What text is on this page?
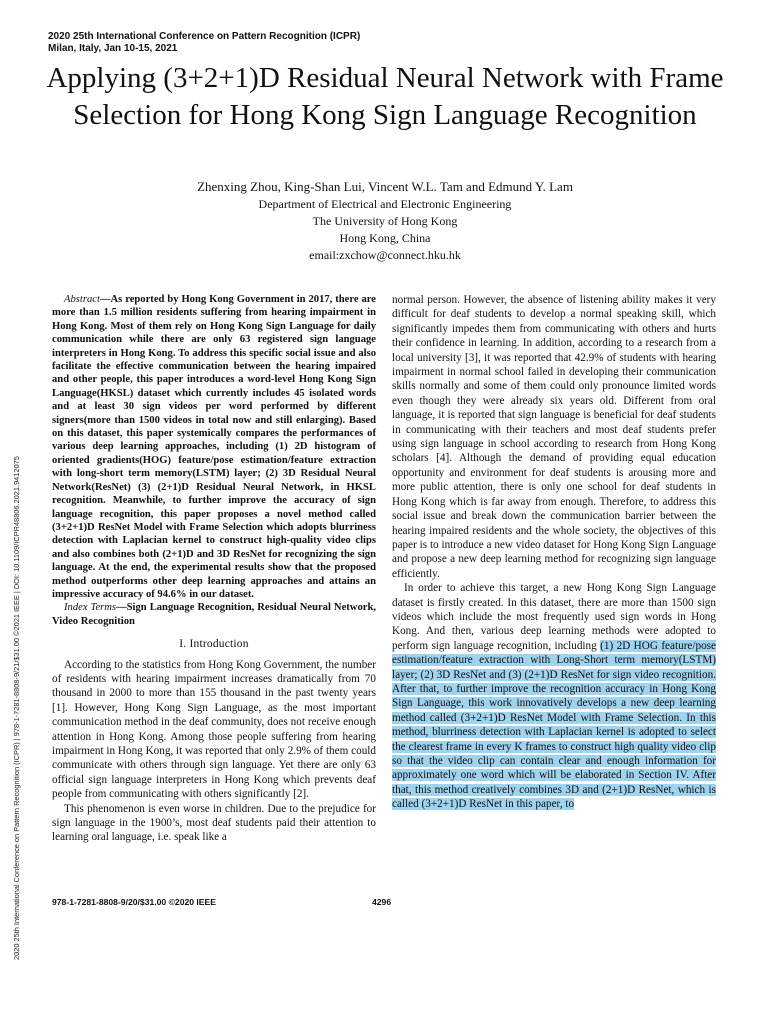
2020 25th International Conference on Pattern Recognition (ICPR)
Milan, Italy, Jan 10-15, 2021
2020 25th International Conference on Pattern Recognition (ICPR) | 978-1-7281-8808-9/21/$31.00 ©2021 IEEE | DOI: 10.1109/ICPR48806.2021.9412075
Applying (3+2+1)D Residual Neural Network with Frame Selection for Hong Kong Sign Language Recognition
Zhenxing Zhou, King-Shan Lui, Vincent W.L. Tam and Edmund Y. Lam
Department of Electrical and Electronic Engineering
The University of Hong Kong
Hong Kong, China
email:zxchow@connect.hku.hk

Abstract—As reported by Hong Kong Government in 2017, there are more than 1.5 million residents suffering from hearing impairment in Hong Kong. Most of them rely on Hong Kong Sign Language for daily communication while there are only 63 registered sign language interpreters in Hong Kong. To address this specific social issue and also facilitate the effective communication between the hearing impaired and other people, this paper introduces a word-level Hong Kong Sign Language(HKSL) dataset which currently includes 45 isolated words and at least 30 sign videos per word performed by different signers(more than 1500 videos in total now and still enlarging). Based on this dataset, this paper systemically compares the performances of various deep learning approaches, including (1) 2D histogram of oriented gradients(HOG) feature/pose estimation/feature extraction with long-short term memory(LSTM) layer; (2) 3D Residual Neural Network(ResNet) (3) (2+1)D Residual Neural Network, in HKSL recognition. Meanwhile, to further improve the accuracy of sign language recognition, this paper proposes a novel method called (3+2+1)D ResNet Model with Frame Selection which adopts blurriness detection with Laplacian kernel to construct high-quality video clips and also combines both (2+1)D and 3D ResNet for recognizing the sign language. At the end, the experimental results show that the proposed method outperforms other deep learning approaches and attains an impressive accuracy of 94.6% in our dataset.

Index Terms—Sign Language Recognition, Residual Neural Network, Video Recognition

I. Introduction

According to the statistics from Hong Kong Government, the number of residents with hearing impairment increases dramatically from 70 thousand in 2000 to more than 155 thousand in the past twenty years [1]. However, Hong Kong Sign Language, as the most important communication method in the deaf community, does not receive enough attention in Hong Kong. Among those people suffering from hearing impairment in Hong Kong, it was reported that only 2.9% of them could communicate with others through sign language. Yet there are only 63 official sign language interpreters in Hong Kong which prevents deaf people from communicating with others significantly [2].

This phenomenon is even worse in children. Due to the prejudice for sign language in the 1900’s, most deaf students paid their attention to learning oral language, i.e. speak like a

normal person. However, the absence of listening ability makes it very difficult for deaf students to develop a normal speaking skill, which significantly impedes them from communicating with others and hurts their confidence in learning. In addition, according to a research from a local university [3], it was reported that 42.9% of students with hearing impairment in normal school failed in developing their communication skills normally and some of them could only pronounce limited words even though they were already six years old. Different from oral language, it is reported that sign language is beneficial for deaf students in communicating with their teachers and most deaf students prefer using sign language in school according to research from Hong Kong scholars [4]. Although the demand of providing equal education opportunity and environment for deaf students is arousing more and more public attention, there is only one school for deaf students in Hong Kong which is far away from enough. Therefore, to address this social issue and break down the communication barrier between the hearing impaired residents and the whole society, the objectives of this paper is to introduce a new video dataset for Hong Kong Sign Language and propose a new deep learning method for recognizing sign language efficiently.

In order to achieve this target, a new Hong Kong Sign Language dataset is firstly created. In this dataset, there are more than 1500 sign videos which include the most frequently used sign words in Hong Kong. And then, various deep learning methods were adopted to perform sign language recognition, including (1) 2D HOG feature/pose estimation/feature extraction with Long-Short term memory(LSTM) layer; (2) 3D ResNet and (3) (2+1)D ResNet for sign video recognition. After that, to further improve the recognition accuracy in Hong Kong Sign Language, this work innovatively develops a new deep learning method called (3+2+1)D ResNet Model with Frame Selection. In this method, blurriness detection with Laplacian kernel is adopted to select the clearest frame in every K frames to construct high quality video clip so that the video clip can contain clear and enough information for approximately one word which will be elaborated in Section IV. After that, this method creatively combines 3D and (2+1)D ResNet, which is called (3+2+1)D ResNet in this paper, to

978-1-7281-8808-9/20/$31.00 ©2020 IEEE	4296
